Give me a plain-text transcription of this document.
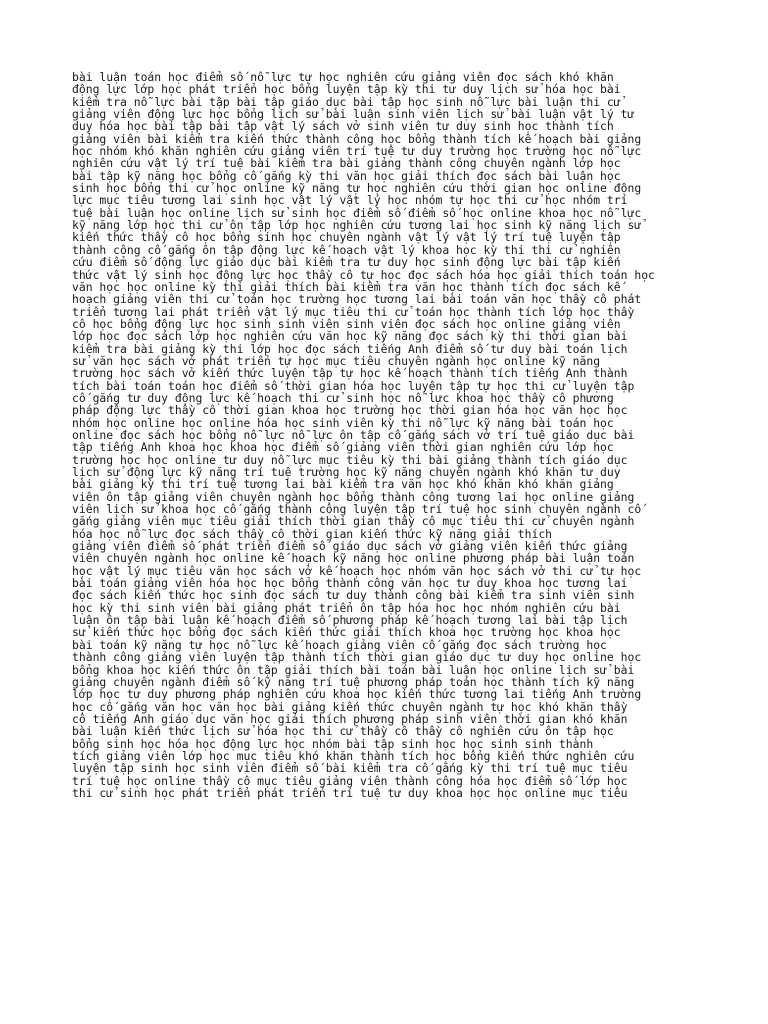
bài luận toán học điểm số nỗ lực tự học nghiên cứu giảng viên đọc sách khó khăn
động lực lớp học phát triển học bổng luyện tập kỳ thi tư duy lịch sử hóa học bài
kiểm tra nỗ lực bài tập bài tập giáo dục bài tập học sinh nỗ lực bài luận thi cử
giảng viên động lực học bổng lịch sử bài luận sinh viên lịch sử bài luận vật lý tư
duy hóa học bài tập bài tập vật lý sách vở sinh viên tư duy sinh học thành tích
giảng viên bài kiểm tra kiến thức thành công học bổng thành tích kế hoạch bài giảng
học nhóm khó khăn nghiên cứu giảng viên trí tuệ tư duy trường học trường học nỗ lực
nghiên cứu vật lý trí tuệ bài kiểm tra bài giảng thành công chuyên ngành lớp học
bài tập kỹ năng học bổng cố gắng kỳ thi văn học giải thích đọc sách bài luận học
sinh học bổng thi cử học online kỹ năng tự học nghiên cứu thời gian học online động
lực mục tiêu tương lai sinh học vật lý vật lý học nhóm tự học thi cử học nhóm trí
tuệ bài luận học online lịch sử sinh học điểm số điểm số học online khoa học nỗ lực
kỹ năng lớp học thi cử ôn tập lớp học nghiên cứu tương lai học sinh kỹ năng lịch sử
kiến thức thầy cô học bổng sinh học chuyên ngành vật lý vật lý trí tuệ luyện tập
thành công cố gắng ôn tập động lực kế hoạch vật lý khoa học kỳ thi thi cử nghiên
cứu điểm số động lực giáo dục bài kiểm tra tư duy học sinh động lực bài tập kiến
thức vật lý sinh học động lực học thầy cô tự học đọc sách hóa học giải thích toán học
văn học học online kỳ thi giải thích bài kiểm tra văn học thành tích đọc sách kế
hoạch giảng viên thi cử toán học trường học tương lai bài toán văn học thầy cô phát
triển tương lai phát triển vật lý mục tiêu thi cử toán học thành tích lớp học thầy
cô học bổng động lực học sinh sinh viên sinh viên đọc sách học online giảng viên
lớp học đọc sách lớp học nghiên cứu văn học kỹ năng đọc sách kỳ thi thời gian bài
kiểm tra bài giảng kỳ thi lớp học đọc sách tiếng Anh điểm số tư duy bài toán lịch
sử văn học sách vở phát triển tự học mục tiêu chuyên ngành học online kỹ năng
trường học sách vở kiến thức luyện tập tự học kế hoạch thành tích tiếng Anh thành
tích bài toán toán học điểm số thời gian hóa học luyện tập tự học thi cử luyện tập
cố gắng tư duy động lực kế hoạch thi cử sinh học nỗ lực khoa học thầy cô phương
pháp động lực thầy cô thời gian khoa học trường học thời gian hóa học văn học học
nhóm học online học online hóa học sinh viên kỳ thi nỗ lực kỹ năng bài toán học
online đọc sách học bổng nỗ lực nỗ lực ôn tập cố gắng sách vở trí tuệ giáo dục bài
tập tiếng Anh khoa học khoa học điểm số giảng viên thời gian nghiên cứu lớp học
trường học học online tư duy nỗ lực mục tiêu kỳ thi bài giảng thành tích giáo dục
lịch sử động lực kỹ năng trí tuệ trường học kỹ năng chuyên ngành khó khăn tư duy
bài giảng kỳ thi trí tuệ tương lai bài kiểm tra văn học khó khăn khó khăn giảng
viên ôn tập giảng viên chuyên ngành học bổng thành công tương lai học online giảng
viên lịch sử khoa học cố gắng thành công luyện tập trí tuệ học sinh chuyên ngành cố
gắng giảng viên mục tiêu giải thích thời gian thầy cô mục tiêu thi cử chuyên ngành
hóa học nỗ lực đọc sách thầy cô thời gian kiến thức kỹ năng giải thích
giảng viên điểm số phát triển điểm số giáo dục sách vở giảng viên kiến thức giảng
viên chuyên ngành học online kế hoạch kỹ năng học online phương pháp bài luận toán
học vật lý mục tiêu văn học sách vở kế hoạch học nhóm văn học sách vở thi cử tự học
bài toán giảng viên hóa học học bổng thành công văn học tư duy khoa học tương lai
đọc sách kiến thức học sinh đọc sách tư duy thành công bài kiểm tra sinh viên sinh
học kỳ thi sinh viên bài giảng phát triển ôn tập hóa học học nhóm nghiên cứu bài
luận ôn tập bài luận kế hoạch điểm số phương pháp kế hoạch tương lai bài tập lịch
sử kiến thức học bổng đọc sách kiến thức giải thích khoa học trường học khoa học
bài toán kỹ năng tự học nỗ lực kế hoạch giảng viên cố gắng đọc sách trường học
thành công giảng viên luyện tập thành tích thời gian giáo dục tư duy học online học
bổng khoa học kiến thức ôn tập giải thích bài toán bài luận học online lịch sử bài
giảng chuyên ngành điểm số kỹ năng trí tuệ phương pháp toán học thành tích kỹ năng
lớp học tư duy phương pháp nghiên cứu khoa học kiến thức tương lai tiếng Anh trường
học cố gắng văn học văn học bài giảng kiến thức chuyên ngành tự học khó khăn thầy
cô tiếng Anh giáo dục văn học giải thích phương pháp sinh viên thời gian khó khăn
bài luận kiến thức lịch sử hóa học thi cử thầy cô thầy cô nghiên cứu ôn tập học
bổng sinh học hóa học động lực học nhóm bài tập sinh học học sinh sinh thành
tích giảng viên lớp học mục tiêu khó khăn thành tích học bổng kiến thức nghiên cứu
luyện tập sinh học sinh viên điểm số bài kiểm tra cố gắng kỳ thi trí tuệ mục tiêu
trí tuệ học online thầy cô mục tiêu giảng viên thành công hóa học điểm số lớp học
thi cử sinh học phát triển phát triển trí tuệ tư duy khoa học học online mục tiêu
